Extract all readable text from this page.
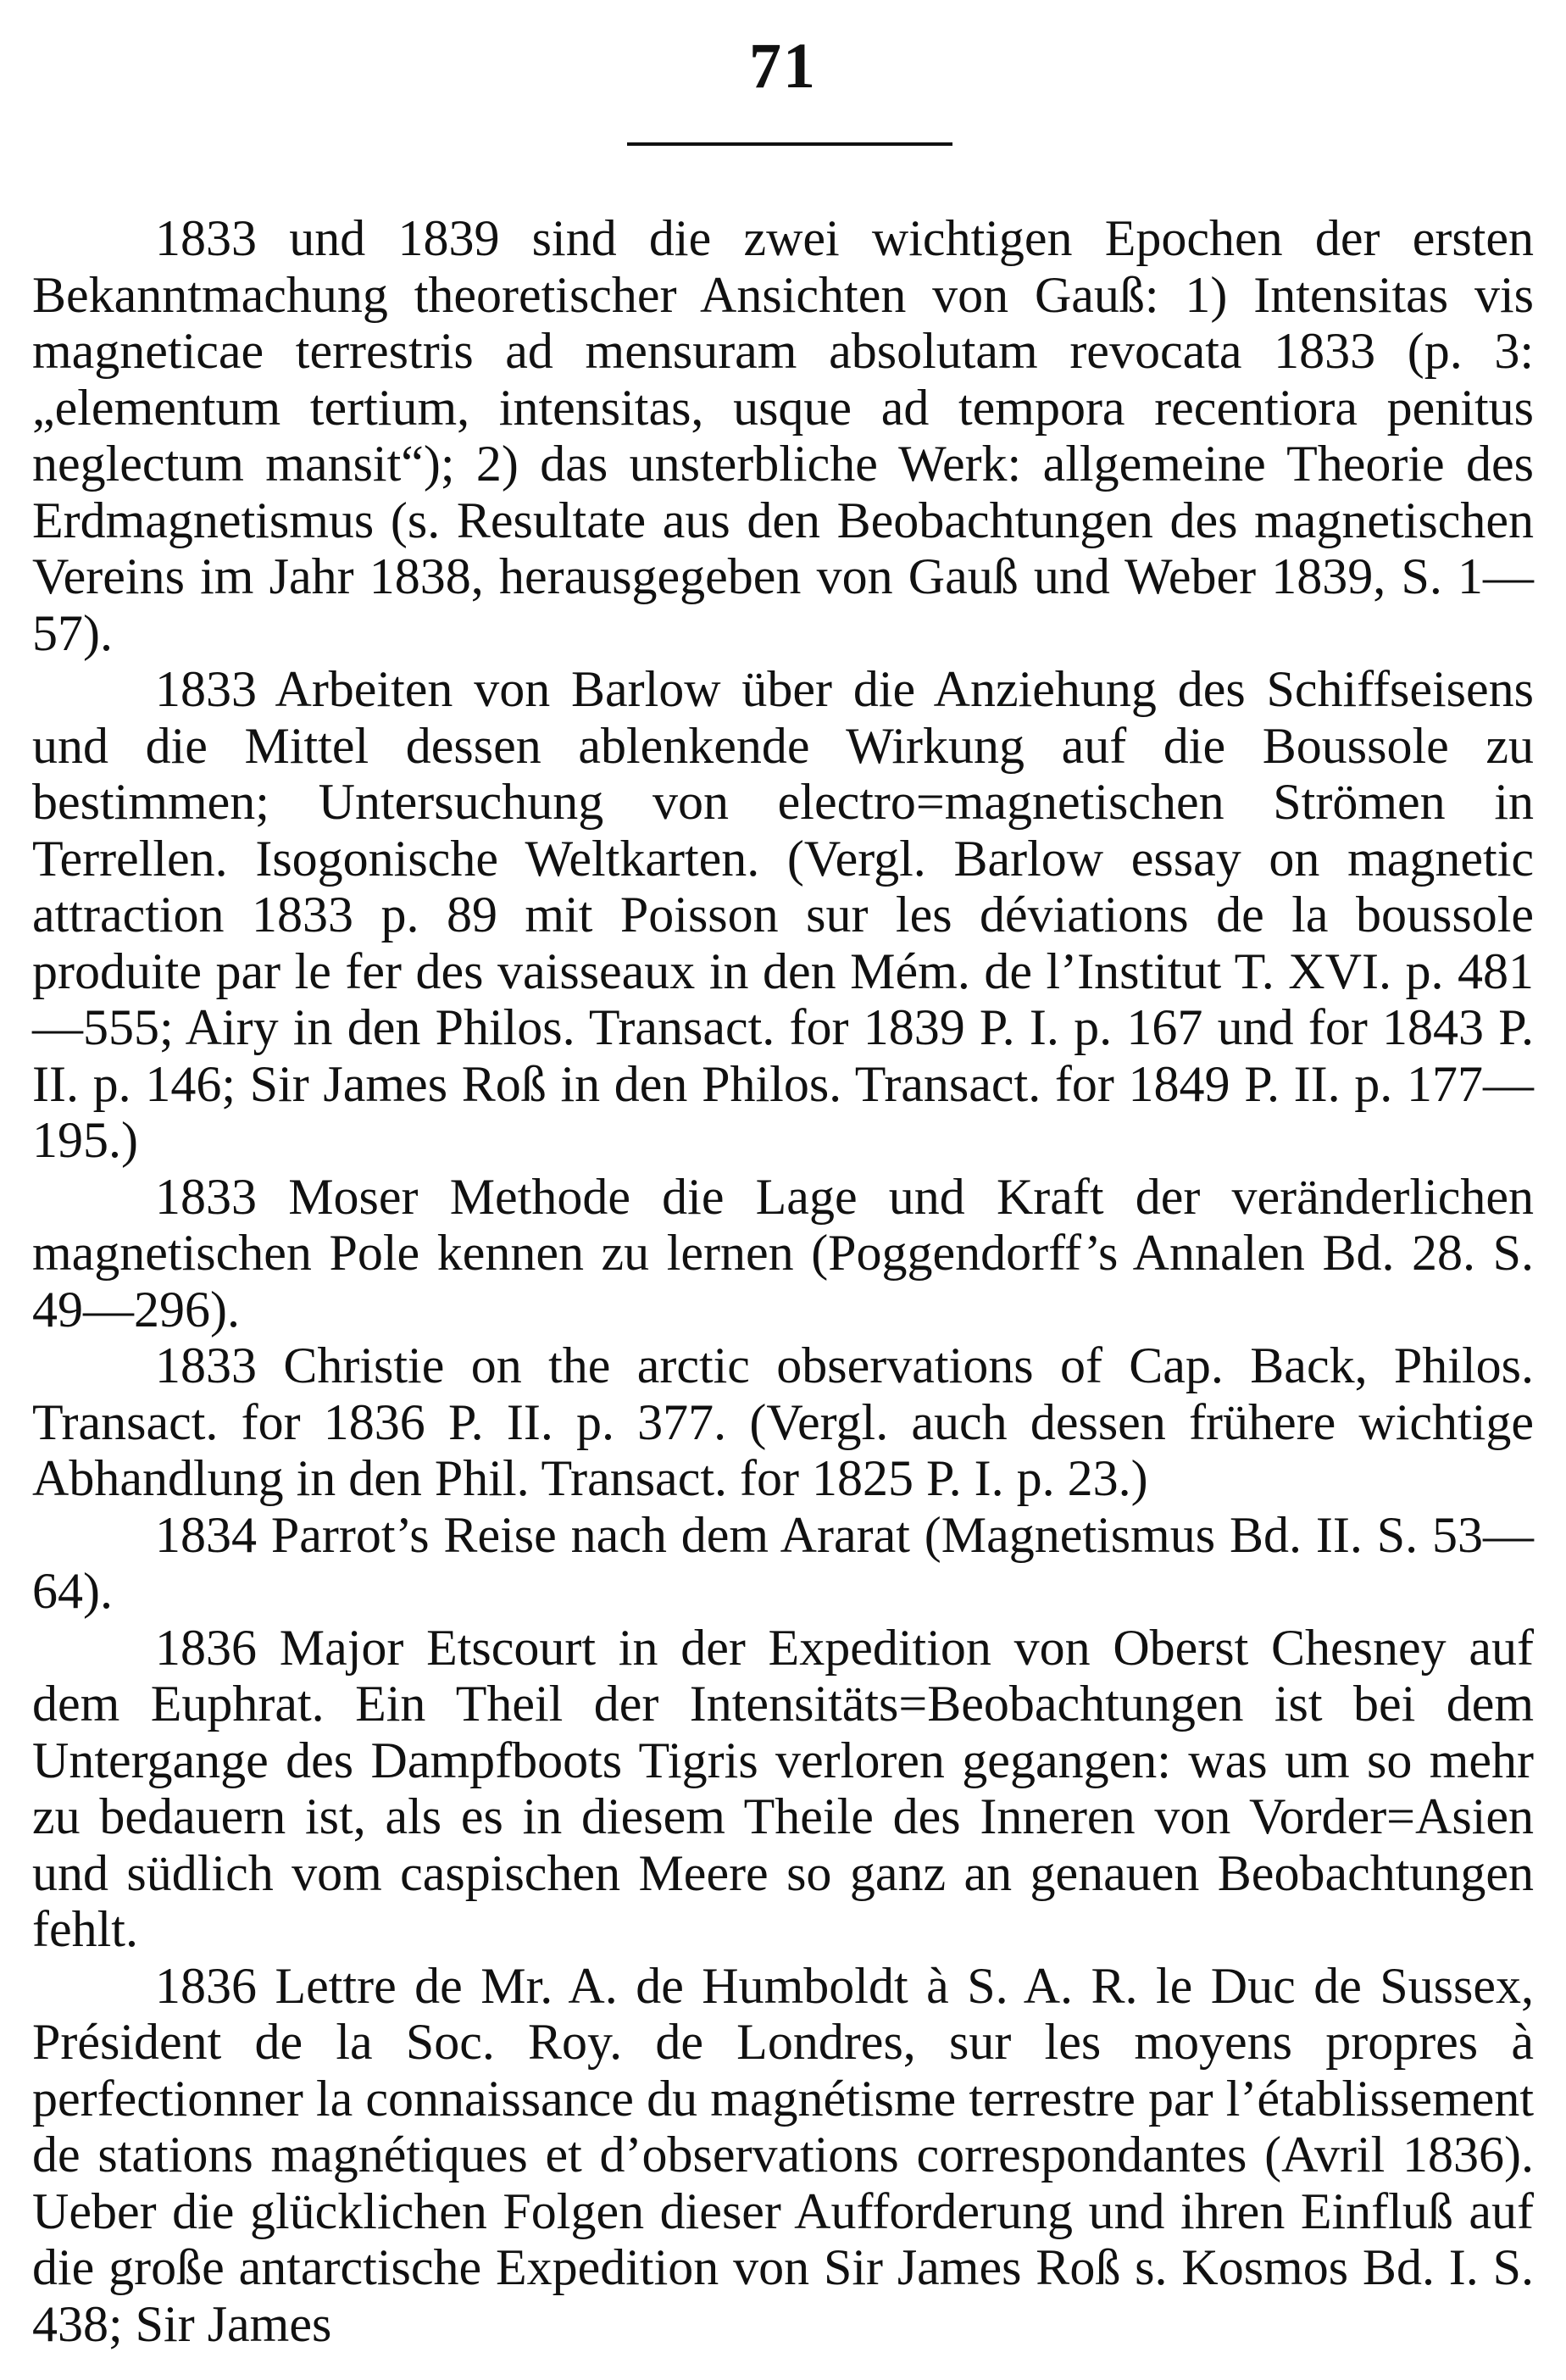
71

1833 und 1839 sind die zwei wichtigen Epochen der ersten Bekanntmachung theoretischer Ansichten von Gauß: 1) Intensitas vis magneticae terrestris ad mensuram absolutam revocata 1833 (p. 3: „elementum tertium, intensitas, usque ad tempora recentiora penitus neglectum mansit“); 2) das unsterbliche Werk: allgemeine Theorie des Erdmagnetismus (s. Resultate aus den Beobachtungen des magnetischen Vereins im Jahr 1838, herausgegeben von Gauß und Weber 1839, S. 1—57).

1833 Arbeiten von Barlow über die Anziehung des Schiffseisens und die Mittel dessen ablenkende Wirkung auf die Boussole zu bestimmen; Untersuchung von electro=magnetischen Strömen in Terrellen. Isogonische Weltkarten. (Vergl. Barlow essay on magnetic attraction 1833 p. 89 mit Poisson sur les déviations de la boussole produite par le fer des vaisseaux in den Mém. de l’Institut T. XVI. p. 481—555; Airy in den Philos. Transact. for 1839 P. I. p. 167 und for 1843 P. II. p. 146; Sir James Roß in den Philos. Transact. for 1849 P. II. p. 177—195.)

1833 Moser Methode die Lage und Kraft der veränderlichen magnetischen Pole kennen zu lernen (Poggendorff’s Annalen Bd. 28. S. 49—296).

1833 Christie on the arctic observations of Cap. Back, Philos. Transact. for 1836 P. II. p. 377. (Vergl. auch dessen frühere wichtige Abhandlung in den Phil. Transact. for 1825 P. I. p. 23.)

1834 Parrot’s Reise nach dem Ararat (Magnetismus Bd. II. S. 53—64).

1836 Major Etscourt in der Expedition von Oberst Chesney auf dem Euphrat. Ein Theil der Intensitäts=Beobachtungen ist bei dem Untergange des Dampfboots Tigris verloren gegangen: was um so mehr zu bedauern ist, als es in diesem Theile des Inneren von Vorder=Asien und südlich vom caspischen Meere so ganz an genauen Beobachtungen fehlt.

1836 Lettre de Mr. A. de Humboldt à S. A. R. le Duc de Sussex, Président de la Soc. Roy. de Londres, sur les moyens propres à perfectionner la connaissance du magnétisme terrestre par l’établissement de stations magnétiques et d’observations correspondantes (Avril 1836). Ueber die glücklichen Folgen dieser Aufforderung und ihren Einfluß auf die große antarctische Expedition von Sir James Roß s. Kosmos Bd. I. S. 438; Sir James
